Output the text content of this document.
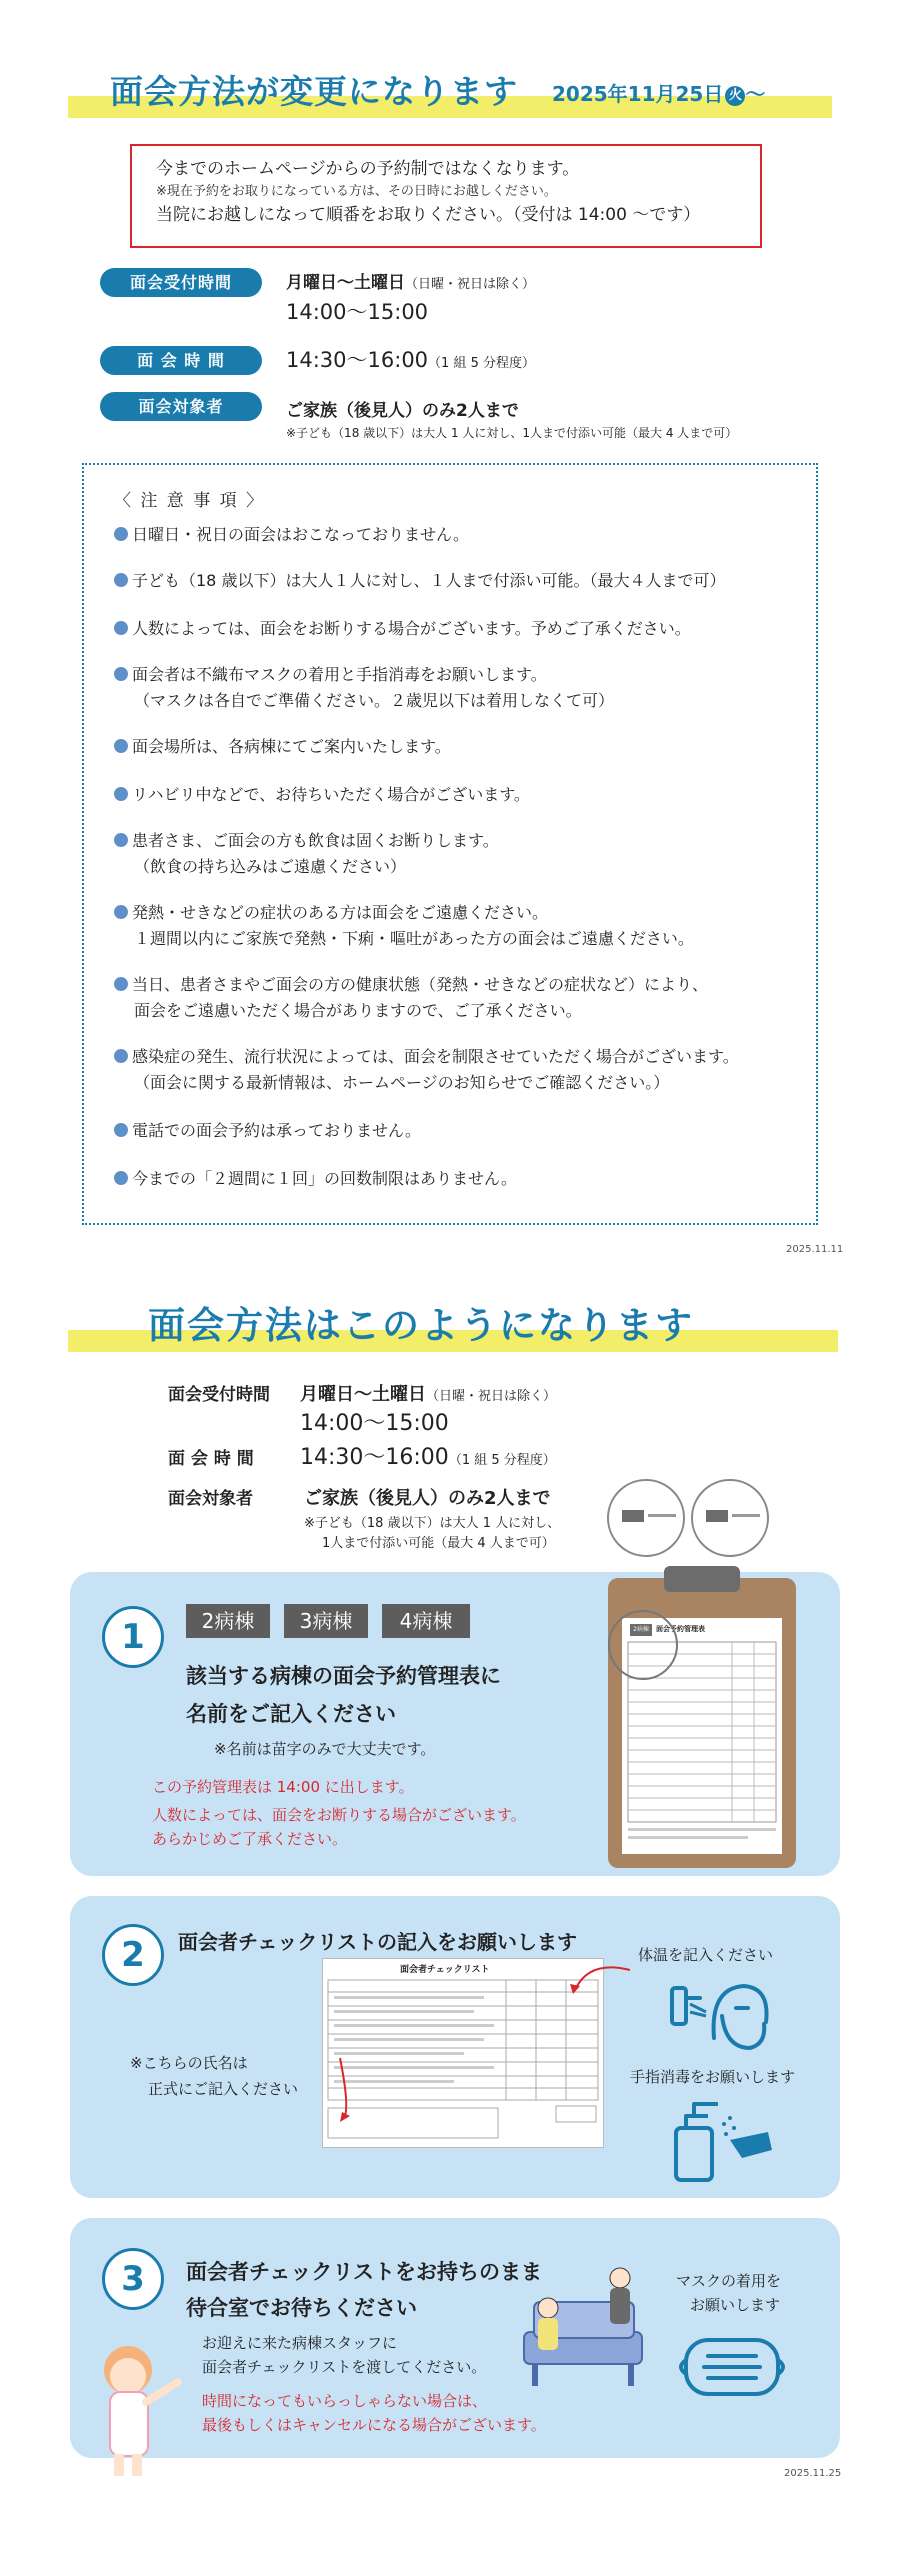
面会方法が変更になります 2025年11月25日 火 ～

今までのホームページからの予約制ではなくなります。

※現在予約をお取りになっている方は、その日時にお越しください。

当院にお越しになって順番をお取りください。（受付は 14:00 ～です）

面会受付時間	月曜日～土曜日（日曜・祝日は除く）
14:00～15:00
面 会 時 間	14:30～16:00（1 組 5 分程度）
面会対象者	ご家族（後見人）のみ2人まで
※子ども（18 歳以下）は大人 1 人に対し、1人まで付添い可能（最大 4 人まで可）
〈 注 意 事 項 〉
日曜日・祝日の面会はおこなっておりません。
子ども（18 歳以下）は大人１人に対し、１人まで付添い可能。（最大４人まで可）
人数によっては、面会をお断りする場合がございます。予めご了承ください。
面会者は不織布マスクの着用と手指消毒をお願いします。
（マスクは各自でご準備ください。２歳児以下は着用しなくて可）
面会場所は、各病棟にてご案内いたします。
リハビリ中などで、お待ちいただく場合がございます。
患者さま、ご面会の方も飲食は固くお断りします。
（飲食の持ち込みはご遠慮ください）
発熱・せきなどの症状のある方は面会をご遠慮ください。
１週間以内にご家族で発熱・下痢・嘔吐があった方の面会はご遠慮ください。
当日、患者さまやご面会の方の健康状態（発熱・せきなどの症状など）により、
面会をご遠慮いただく場合がありますので、ご了承ください。
感染症の発生、流行状況によっては、面会を制限させていただく場合がございます。
（面会に関する最新情報は、ホームページのお知らせでご確認ください。）
電話での面会予約は承っておりません。
今までの「２週間に１回」の回数制限はありません。
2025.11.11
面会方法はこのようになります
面会受付時間 月曜日～土曜日（日曜・祝日は除く）
14:00～15:00
面 会 時 間 14:30～16:00（1 組 5 分程度）
面会対象者	ご家族（後見人）のみ2人まで
※子ども（18 歳以下）は大人 1 人に対し、
1人まで付添い可能（最大 4 人まで可）
1	2病棟	3病棟	4病棟
該当する病棟の面会予約管理表に
名前をご記入ください
※名前は苗字のみで大丈夫です。
この予約管理表は 14:00 に出します。
人数によっては、面会をお断りする場合がございます。
あらかじめご了承ください。
2病棟	面会予約管理表
2	面会者チェックリストの記入をお願いします
※こちらの氏名は
正式にご記入ください
面会者チェックリスト
体温を記入ください
手指消毒をお願いします
3	面会者チェックリストをお持ちのまま
待合室でお待ちください
お迎えに来た病棟スタッフに
面会者チェックリストを渡してください。
時間になってもいらっしゃらない場合は、
最後もしくはキャンセルになる場合がございます。
マスクの着用を
お願いします
2025.11.25
